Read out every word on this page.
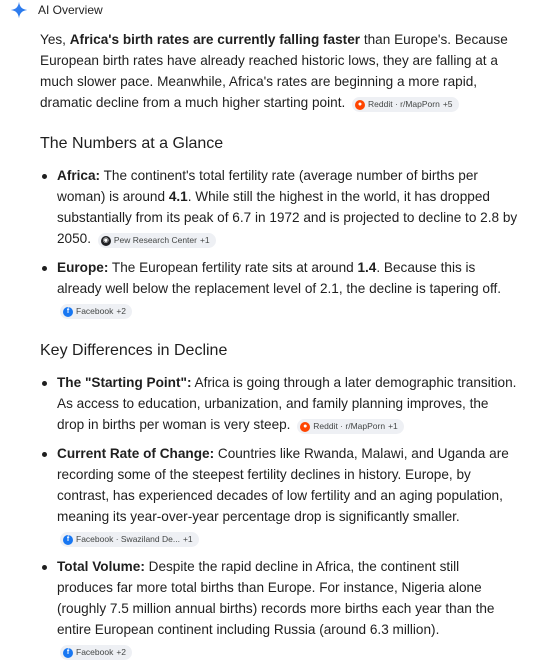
AI Overview

Yes, Africa's birth rates are currently falling faster than Europe's. Because European birth rates have already reached historic lows, they are falling at a much slower pace. Meanwhile, Africa's rates are beginning a more rapid, dramatic decline from a much higher starting point.	● Reddit · r/MapPorn +5

The Numbers at a Glance
Africa: The continent's total fertility rate (average number of births per woman) is around 4.1. While still the highest in the world, it has dropped substantially from its peak of 6.7 in 1972 and is projected to decline to 2.8 by 2050. ◉ Pew Research Center +1
Europe: The European fertility rate sits at around 1.4. Because this is already well below the replacement level of 2.1, the decline is tapering off.
f Facebook +2
Key Differences in Decline
The "Starting Point": Africa is going through a later demographic transition. As access to education, urbanization, and family planning improves, the drop in births per woman is very steep.	● Reddit · r/MapPorn +1
Current Rate of Change: Countries like Rwanda, Malawi, and Uganda are recording some of the steepest fertility declines in history. Europe, by contrast, has experienced decades of low fertility and an aging population, meaning its year-over-year percentage drop is significantly smaller.
f Facebook · Swaziland De... +1
Total Volume: Despite the rapid decline in Africa, the continent still produces far more total births than Europe. For instance, Nigeria alone (roughly 7.5 million annual births) records more births each year than the entire European continent including Russia (around 6.3 million).
f Facebook +2
